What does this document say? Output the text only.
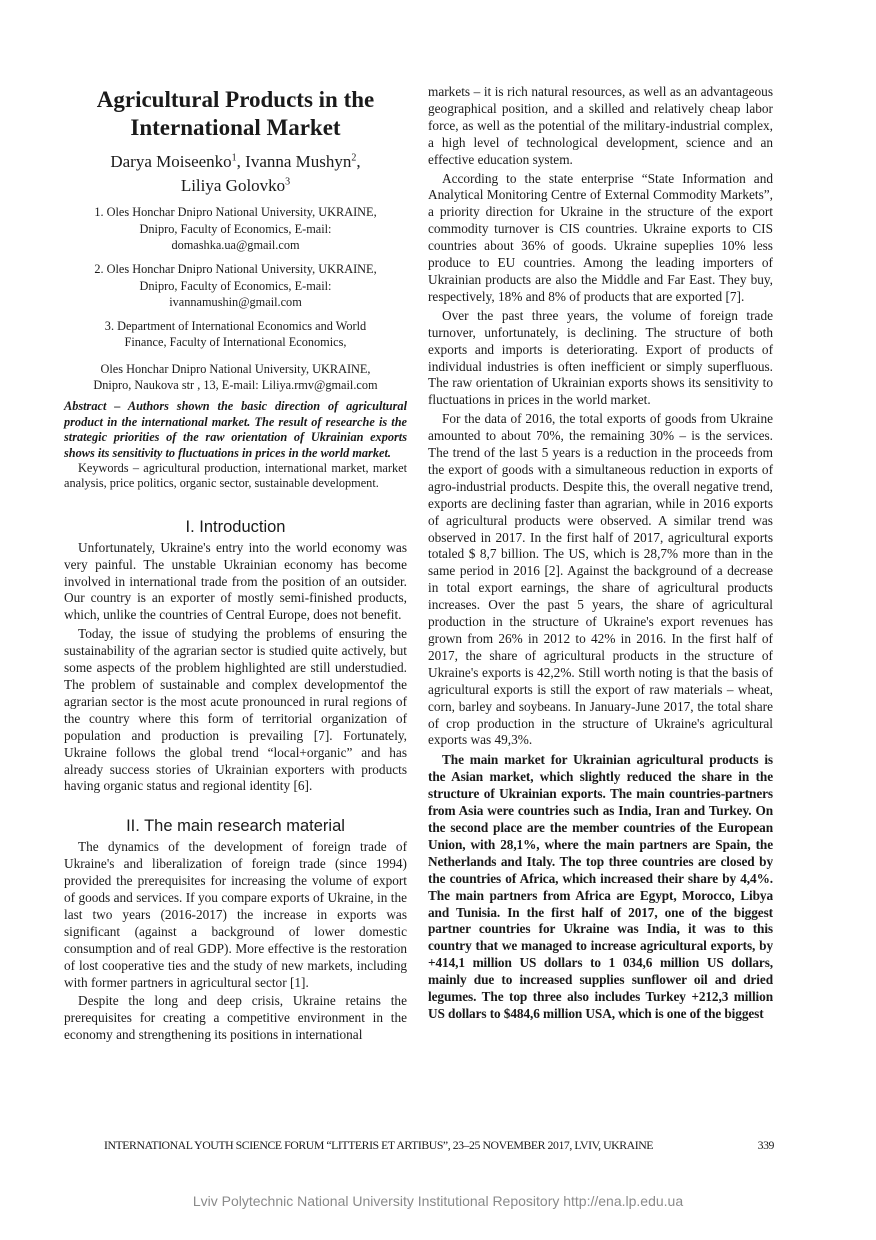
Agricultural Products in the
International Market
Darya Moiseenko$^1$, Ivanna Mushyn$^2$,
Liliya Golovko$^3$
1. Oles Honchar Dnipro National University, UKRAINE,
Dnipro, Faculty of Economics, E-mail:
domashka.ua@gmail.com
2. Oles Honchar Dnipro National University, UKRAINE,
Dnipro, Faculty of Economics, E-mail:
ivannamushin@gmail.com
3. Department of International Economics and World
Finance, Faculty of International Economics,
Oles Honchar Dnipro National University, UKRAINE,
Dnipro, Naukova str , 13, E-mail: Liliya.rmv@gmail.com

Abstract – Authors shown the basic direction of agricultural product in the international market. The result of researche is the strategic priorities of the raw orientation of Ukrainian exports shows its sensitivity to fluctuations in prices in the world market.

Keywords – agricultural production, international market, market analysis, price politics, organic sector, sustainable development.

I. Introduction

Unfortunately, Ukraine's entry into the world economy was very painful. The unstable Ukrainian economy has become involved in international trade from the position of an outsider. Our country is an exporter of mostly semi-finished products, which, unlike the countries of Central Europe, does not benefit.

Today, the issue of studying the problems of ensuring the sustainability of the agrarian sector is studied quite actively, but some aspects of the problem highlighted are still understudied. The problem of sustainable and complex developmentof the agrarian sector is the most acute pronounced in rural regions of the country where this form of territorial organization of population and production is prevailing [7]. Fortunately, Ukraine follows the global trend “local+organic” and has already success stories of Ukrainian exporters with products having organic status and regional identity [6].

II. The main research material

The dynamics of the development of foreign trade of Ukraine's and liberalization of foreign trade (since 1994) provided the prerequisites for increasing the volume of export of goods and services. If you compare exports of Ukraine, in the last two years (2016-2017) the increase in exports was significant (against a background of lower domestic consumption and of real GDP). More effective is the restoration of lost cooperative ties and the study of new markets, including with former partners in agricultural sector [1].

Despite the long and deep crisis, Ukraine retains the prerequisites for creating a competitive environment in the economy and strengthening its positions in international

markets – it is rich natural resources, as well as an advantageous geographical position, and a skilled and relatively cheap labor force, as well as the potential of the military-industrial complex, a high level of technological development, science and an effective education system.

According to the state enterprise “State Information and Analytical Monitoring Centre of External Commodity Markets”, a priority direction for Ukraine in the structure of the export commodity turnover is CIS countries. Ukraine exports to CIS countries about 36% of goods. Ukraine supeplies 10% less produce to EU countries. Among the leading importers of Ukrainian products are also the Middle and Far East. They buy, respectively, 18% and 8% of products that are exported [7].

Over the past three years, the volume of foreign trade turnover, unfortunately, is declining. The structure of both exports and imports is deteriorating. Export of products of individual industries is often inefficient or simply superfluous. The raw orientation of Ukrainian exports shows its sensitivity to fluctuations in prices in the world market.

For the data of 2016, the total exports of goods from Ukraine amounted to about 70%, the remaining 30% – is the services. The trend of the last 5 years is a reduction in the proceeds from the export of goods with a simultaneous reduction in exports of agro-industrial products. Despite this, the overall negative trend, exports are declining faster than agrarian, while in 2016 exports of agricultural products were observed. A similar trend was observed in 2017. In the first half of 2017, agricultural exports totaled $ 8,7 billion. The US, which is 28,7% more than in the same period in 2016 [2]. Against the background of a decrease in total export earnings, the share of agricultural products increases. Over the past 5 years, the share of agricultural production in the structure of Ukraine's export revenues has grown from 26% in 2012 to 42% in 2016. In the first half of 2017, the share of agricultural products in the structure of Ukraine's exports is 42,2%. Still worth noting is that the basis of agricultural exports is still the export of raw materials – wheat, corn, barley and soybeans. In January-June 2017, the total share of crop production in the structure of Ukraine's agricultural exports was 49,3%.

The main market for Ukrainian agricultural products is the Asian market, which slightly reduced the share in the structure of Ukrainian exports. The main countries-partners from Asia were countries such as India, Iran and Turkey. On the second place are the member countries of the European Union, with 28,1%, where the main partners are Spain, the Netherlands and Italy. The top three countries are closed by the countries of Africa, which increased their share by 4,4%. The main partners from Africa are Egypt, Morocco, Libya and Tunisia. In the first half of 2017, one of the biggest partner countries for Ukraine was India, it was to this country that we managed to increase agricultural exports, by +414,1 million US dollars to 1 034,6 million US dollars, mainly due to increased supplies sunflower oil and dried legumes. The top three also includes Turkey +212,3 million US dollars to $484,6 million USA, which is one of the biggest

INTERNATIONAL YOUTH SCIENCE FORUM “LITTERIS ET ARTIBUS”, 23–25 NOVEMBER 2017, LVIV, UKRAINE	339
Lviv Polytechnic National University Institutional Repository http://ena.lp.edu.ua
